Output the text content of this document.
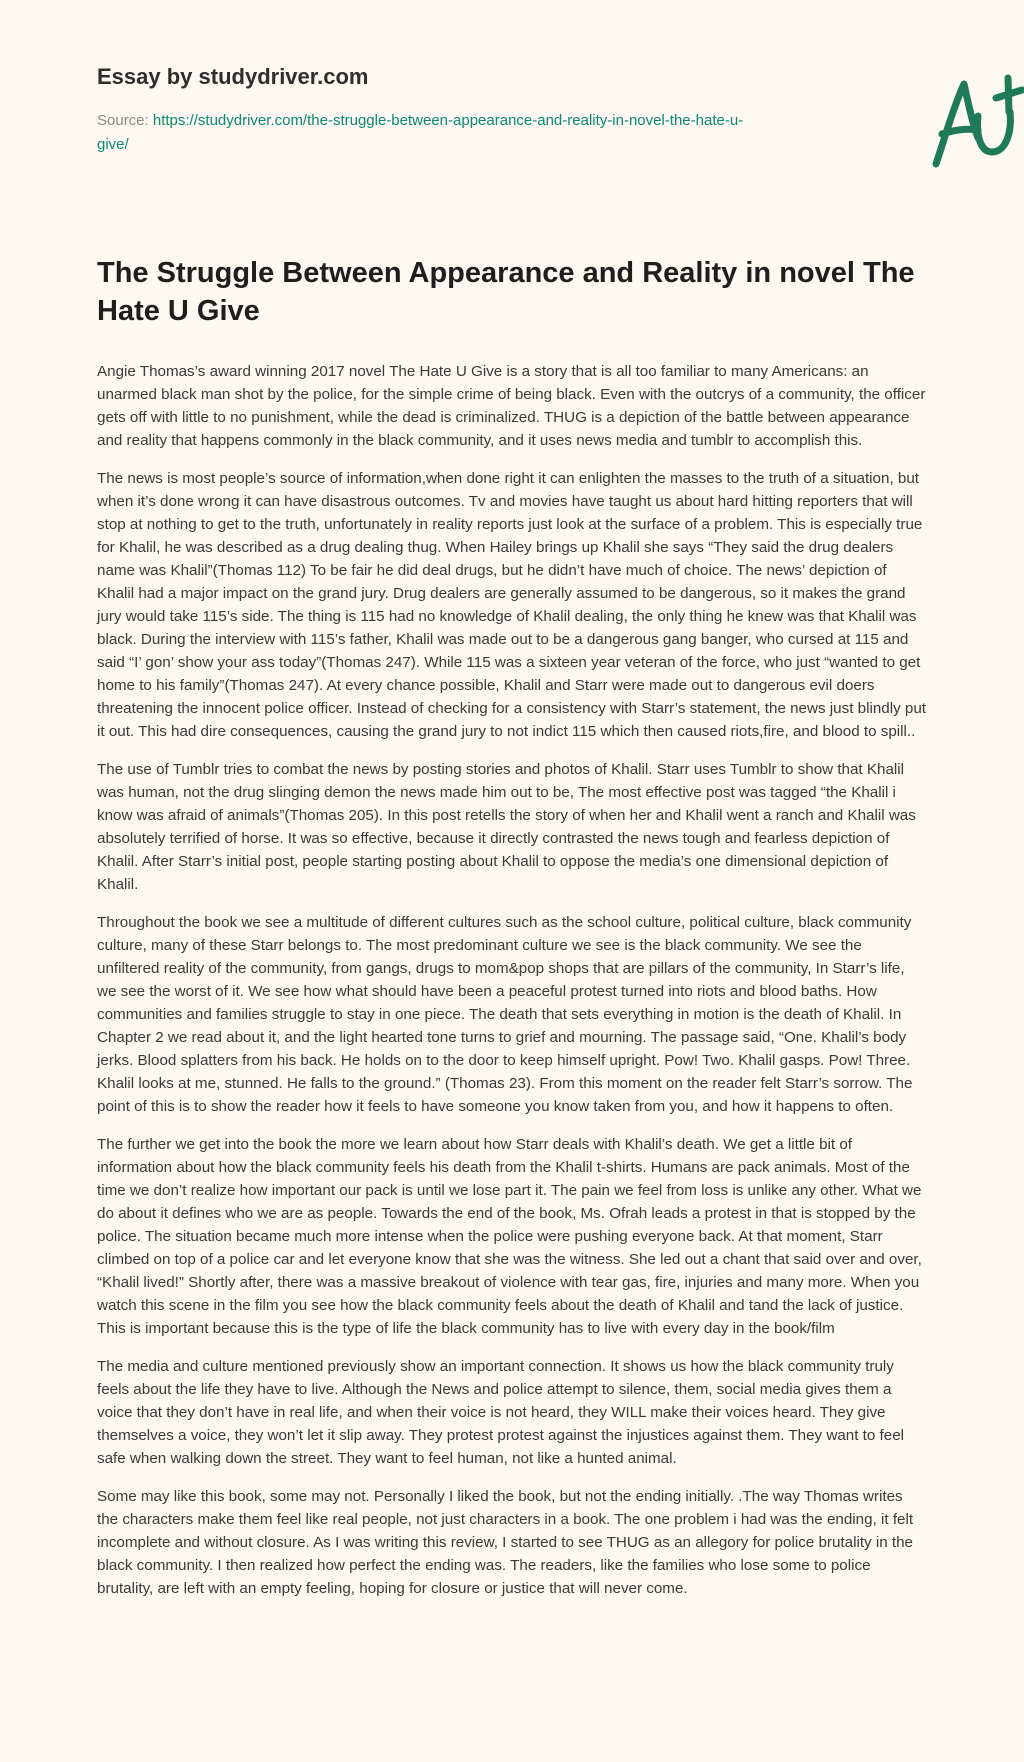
Essay by studydriver.com
Source: https://studydriver.com/the-struggle-between-appearance-and-reality-in-novel-the-hate-u-give/
The Struggle Between Appearance and Reality in novel The Hate U Give

Angie Thomas’s award winning 2017 novel The Hate U Give is a story that is all too familiar to many Americans: an unarmed black man shot by the police, for the simple crime of being black. Even with the outcrys of a community, the officer gets off with little to no punishment, while the dead is criminalized. THUG is a depiction of the battle between appearance and reality that happens commonly in the black community, and it uses news media and tumblr to accomplish this.

The news is most people’s source of information,when done right it can enlighten the masses to the truth of a situation, but when it’s done wrong it can have disastrous outcomes. Tv and movies have taught us about hard hitting reporters that will stop at nothing to get to the truth, unfortunately in reality reports just look at the surface of a problem. This is especially true for Khalil, he was described as a drug dealing thug. When Hailey brings up Khalil she says “They said the drug dealers name was Khalil”(Thomas 112) To be fair he did deal drugs, but he didn’t have much of choice. The news’ depiction of Khalil had a major impact on the grand jury. Drug dealers are generally assumed to be dangerous, so it makes the grand jury would take 115’s side. The thing is 115 had no knowledge of Khalil dealing, the only thing he knew was that Khalil was black. During the interview with 115’s father, Khalil was made out to be a dangerous gang banger, who cursed at 115 and said “I’ gon’ show your ass today”(Thomas 247). While 115 was a sixteen year veteran of the force, who just “wanted to get home to his family”(Thomas 247). At every chance possible, Khalil and Starr were made out to dangerous evil doers threatening the innocent police officer. Instead of checking for a consistency with Starr’s statement, the news just blindly put it out. This had dire consequences, causing the grand jury to not indict 115 which then caused riots,fire, and blood to spill..

The use of Tumblr tries to combat the news by posting stories and photos of Khalil. Starr uses Tumblr to show that Khalil was human, not the drug slinging demon the news made him out to be, The most effective post was tagged “the Khalil i know was afraid of animals”(Thomas 205). In this post retells the story of when her and Khalil went a ranch and Khalil was absolutely terrified of horse. It was so effective, because it directly contrasted the news tough and fearless depiction of Khalil. After Starr’s initial post, people starting posting about Khalil to oppose the media’s one dimensional depiction of Khalil.

Throughout the book we see a multitude of different cultures such as the school culture, political culture, black community culture, many of these Starr belongs to. The most predominant culture we see is the black community. We see the unfiltered reality of the community, from gangs, drugs to mom&pop shops that are pillars of the community, In Starr’s life, we see the worst of it. We see how what should have been a peaceful protest turned into riots and blood baths. How communities and families struggle to stay in one piece. The death that sets everything in motion is the death of Khalil. In Chapter 2 we read about it, and the light hearted tone turns to grief and mourning. The passage said, “One. Khalil’s body jerks. Blood splatters from his back. He holds on to the door to keep himself upright. Pow! Two. Khalil gasps. Pow! Three. Khalil looks at me, stunned. He falls to the ground.” (Thomas 23). From this moment on the reader felt Starr’s sorrow. The point of this is to show the reader how it feels to have someone you know taken from you, and how it happens to often.

The further we get into the book the more we learn about how Starr deals with Khalil’s death. We get a little bit of information about how the black community feels his death from the Khalil t-shirts. Humans are pack animals. Most of the time we don’t realize how important our pack is until we lose part it. The pain we feel from loss is unlike any other. What we do about it defines who we are as people. Towards the end of the book, Ms. Ofrah leads a protest in that is stopped by the police. The situation became much more intense when the police were pushing everyone back. At that moment, Starr climbed on top of a police car and let everyone know that she was the witness. She led out a chant that said over and over, “Khalil lived!” Shortly after, there was a massive breakout of violence with tear gas, fire, injuries and many more. When you watch this scene in the film you see how the black community feels about the death of Khalil and tand the lack of justice. This is important because this is the type of life the black community has to live with every day in the book/film

The media and culture mentioned previously show an important connection. It shows us how the black community truly feels about the life they have to live. Although the News and police attempt to silence, them, social media gives them a voice that they don’t have in real life, and when their voice is not heard, they WILL make their voices heard. They give themselves a voice, they won’t let it slip away. They protest protest against the injustices against them. They want to feel safe when walking down the street. They want to feel human, not like a hunted animal.

Some may like this book, some may not. Personally I liked the book, but not the ending initially. .The way Thomas writes the characters make them feel like real people, not just characters in a book. The one problem i had was the ending, it felt incomplete and without closure. As I was writing this review, I started to see THUG as an allegory for police brutality in the black community. I then realized how perfect the ending was. The readers, like the families who lose some to police brutality, are left with an empty feeling, hoping for closure or justice that will never come.
